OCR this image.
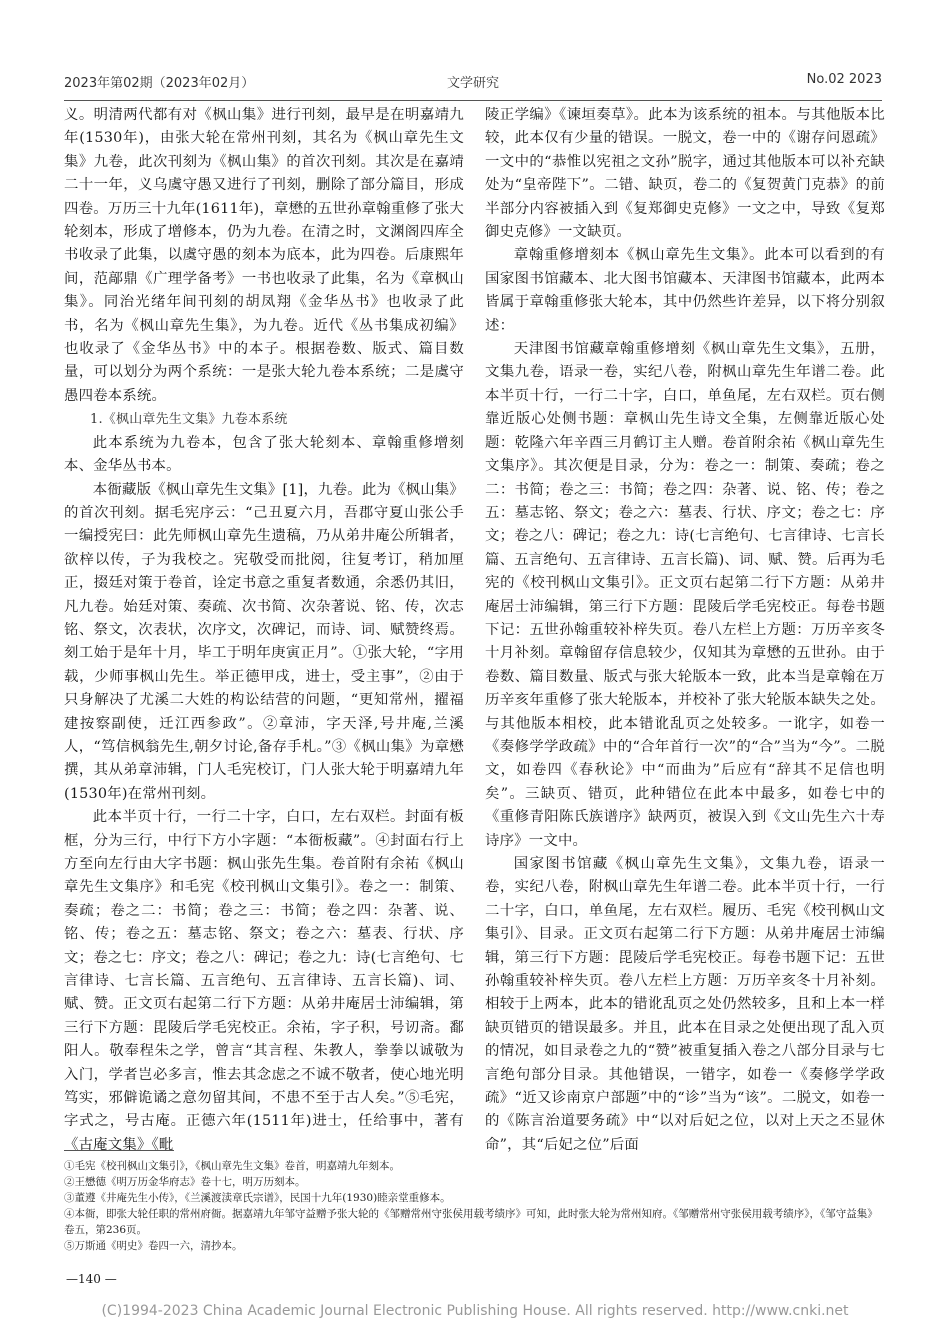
2023年第02期（2023年02月）	文学研究	No.02 2023

义。明清两代都有对《枫山集》进行刊刻，最早是在明嘉靖九年(1530年)，由张大轮在常州刊刻，其名为《枫山章先生文集》九卷，此次刊刻为《枫山集》的首次刊刻。其次是在嘉靖二十一年，义乌虞守愚又进行了刊刻，删除了部分篇目，形成四卷。万历三十九年(1611年)，章懋的五世孙章翰重修了张大轮刻本，形成了增修本，仍为九卷。在清之时，文渊阁四库全书收录了此集，以虞守愚的刻本为底本，此为四卷。后康熙年间，范鄗鼎《广理学备考》一书也收录了此集，名为《章枫山集》。同治光绪年间刊刻的胡凤翔《金华丛书》也收录了此书，名为《枫山章先生集》，为九卷。近代《丛书集成初编》也收录了《金华丛书》中的本子。根据卷数、版式、篇目数量，可以划分为两个系统：一是张大轮九卷本系统；二是虞守愚四卷本系统。

1.《枫山章先生文集》九卷本系统

此本系统为九卷本，包含了张大轮刻本、章翰重修增刻本、金华丛书本。

本衙藏版《枫山章先生文集》[1]，九卷。此为《枫山集》的首次刊刻。据毛宪序云：“己丑夏六月，吾郡守夏山张公手一编授宪曰：此先师枫山章先生遗稿，乃从弟井庵公所辑者，欲梓以传，子为我校之。宪敬受而批阅，往复考订，稍加厘正，掇廷对策于卷首，诠定书意之重复者数通，余悉仍其旧，凡九卷。始廷对策、奏疏、次书简、次杂著说、铭、传，次志铭、祭文，次表状，次序文，次碑记，而诗、词、赋赞终焉。刻工始于是年十月，毕工于明年庚寅正月”。①张大轮，“字用载，少师事枫山先生。举正德甲戌，进士，受主事”，②由于只身解决了尤溪二大姓的构讼结营的问题，“更知常州，擢福建按察副使，迁江西参政”。②章沛，字天泽,号井庵,兰溪人，“笃信枫翁先生,朝夕讨论,备存手札。”③《枫山集》为章懋撰，其从弟章沛辑，门人毛宪校订，门人张大轮于明嘉靖九年(1530年)在常州刊刻。

此本半页十行，一行二十字，白口，左右双栏。封面有板框，分为三行，中行下方小字题：“本衙板藏”。④封面右行上方至向左行由大字书题：枫山张先生集。卷首附有余祐《枫山章先生文集序》和毛宪《校刊枫山文集引》。卷之一：制策、奏疏；卷之二：书简；卷之三：书简；卷之四：杂著、说、铭、传；卷之五：墓志铭、祭文；卷之六：墓表、行状、序文；卷之七：序文；卷之八：碑记；卷之九：诗(七言绝句、七言律诗、七言长篇、五言绝句、五言律诗、五言长篇)、词、赋、赞。正文页右起第二行下方题：从弟井庵居士沛编辑，第三行下方题：毘陵后学毛宪校正。余祐，字子积，号讱斋。鄱阳人。敬奉程朱之学，曾言“其言程、朱教人，拳拳以诚敬为入门，学者岂必多言，惟去其念虑之不诚不敬者，使心地光明笃实，邪僻诡谲之意勿留其间，不患不至于古人矣。”⑤毛宪，字式之，号古庵。正德六年(1511年)进士，任给事中，著有《古庵文集》《毗

陵正学编》《谏垣奏草》。此本为该系统的祖本。与其他版本比较，此本仅有少量的错误。一脱文，卷一中的《谢存问恩疏》一文中的“恭惟以宪祖之文孙”脱字，通过其他版本可以补充缺处为“皇帝陛下”。二错、缺页，卷二的《复贺黄门克恭》的前半部分内容被插入到《复郑御史克修》一文之中，导致《复郑御史克修》一文缺页。

章翰重修增刻本《枫山章先生文集》。此本可以看到的有国家图书馆藏本、北大图书馆藏本、天津图书馆藏本，此两本皆属于章翰重修张大轮本，其中仍然些许差异，以下将分别叙述：

天津图书馆藏章翰重修增刻《枫山章先生文集》，五册，文集九卷，语录一卷，实纪八卷，附枫山章先生年谱二卷。此本半页十行，一行二十字，白口，单鱼尾，左右双栏。页右侧靠近版心处侧书题：章枫山先生诗文全集，左侧靠近版心处题：乾隆六年辛酉三月鹤订主人赠。卷首附余祐《枫山章先生文集序》。其次便是目录，分为：卷之一：制策、奏疏；卷之二：书简；卷之三：书简；卷之四：杂著、说、铭、传；卷之五：墓志铭、祭文；卷之六：墓表、行状、序文；卷之七：序文；卷之八：碑记；卷之九：诗(七言绝句、七言律诗、七言长篇、五言绝句、五言律诗、五言长篇)、词、赋、赞。后再为毛宪的《校刊枫山文集引》。正文页右起第二行下方题：从弟井庵居士沛编辑，第三行下方题：毘陵后学毛宪校正。每卷书题下记：五世孙翰重较补梓失页。卷八左栏上方题：万历辛亥冬十月补刻。章翰留存信息较少，仅知其为章懋的五世孙。由于卷数、篇目数量、版式与张大轮版本一致，此本当是章翰在万历辛亥年重修了张大轮版本，并校补了张大轮版本缺失之处。与其他版本相校，此本错讹乱页之处较多。一讹字，如卷一《奏修学学政疏》中的“合年首行一次”的“合”当为“今”。二脱文，如卷四《春秋论》中“而曲为”后应有“辞其不足信也明矣”。三缺页、错页，此种错位在此本中最多，如卷七中的《重修青阳陈氏族谱序》缺两页，被误入到《文山先生六十寿诗序》一文中。

国家图书馆藏《枫山章先生文集》，文集九卷，语录一卷，实纪八卷，附枫山章先生年谱二卷。此本半页十行，一行二十字，白口，单鱼尾，左右双栏。履历、毛宪《校刊枫山文集引》、目录。正文页右起第二行下方题：从弟井庵居士沛编辑，第三行下方题：毘陵后学毛宪校正。每卷书题下记：五世孙翰重较补梓失页。卷八左栏上方题：万历辛亥冬十月补刻。相较于上两本，此本的错讹乱页之处仍然较多，且和上本一样缺页错页的错误最多。并且，此本在目录之处便出现了乱入页的情况，如目录卷之九的“赞”被重复插入卷之八部分目录与七言绝句部分目录。其他错误，一错字，如卷一《奏修学学政疏》“近又诊南京户部题”中的“诊”当为“该”。二脱文，如卷一的《陈言治道要务疏》中“以对后妃之位，以对上天之丕显休命”，其“后妃之位”后面

①毛宪《校刊枫山文集引》，《枫山章先生文集》卷首，明嘉靖九年刻本。
②王懋德《明万历金华府志》卷十七，明万历刻本。
③董遵《井庵先生小传》，《兰溪渡渎章氏宗谱》，民国十九年(1930)睦亲堂重修本。
④本衙，即张大轮任职的常州府衙。据嘉靖九年邹守益赠予张大轮的《邹赠常州守张侯用载考绩序》可知，此时张大轮为常州知府。《邹赠常州守张侯用载考绩序》，《邹守益集》卷五，第236页。
⑤万斯通《明史》卷四一六，清抄本。
—140 —
(C)1994-2023 China Academic Journal Electronic Publishing House. All rights reserved. http://www.cnki.net
